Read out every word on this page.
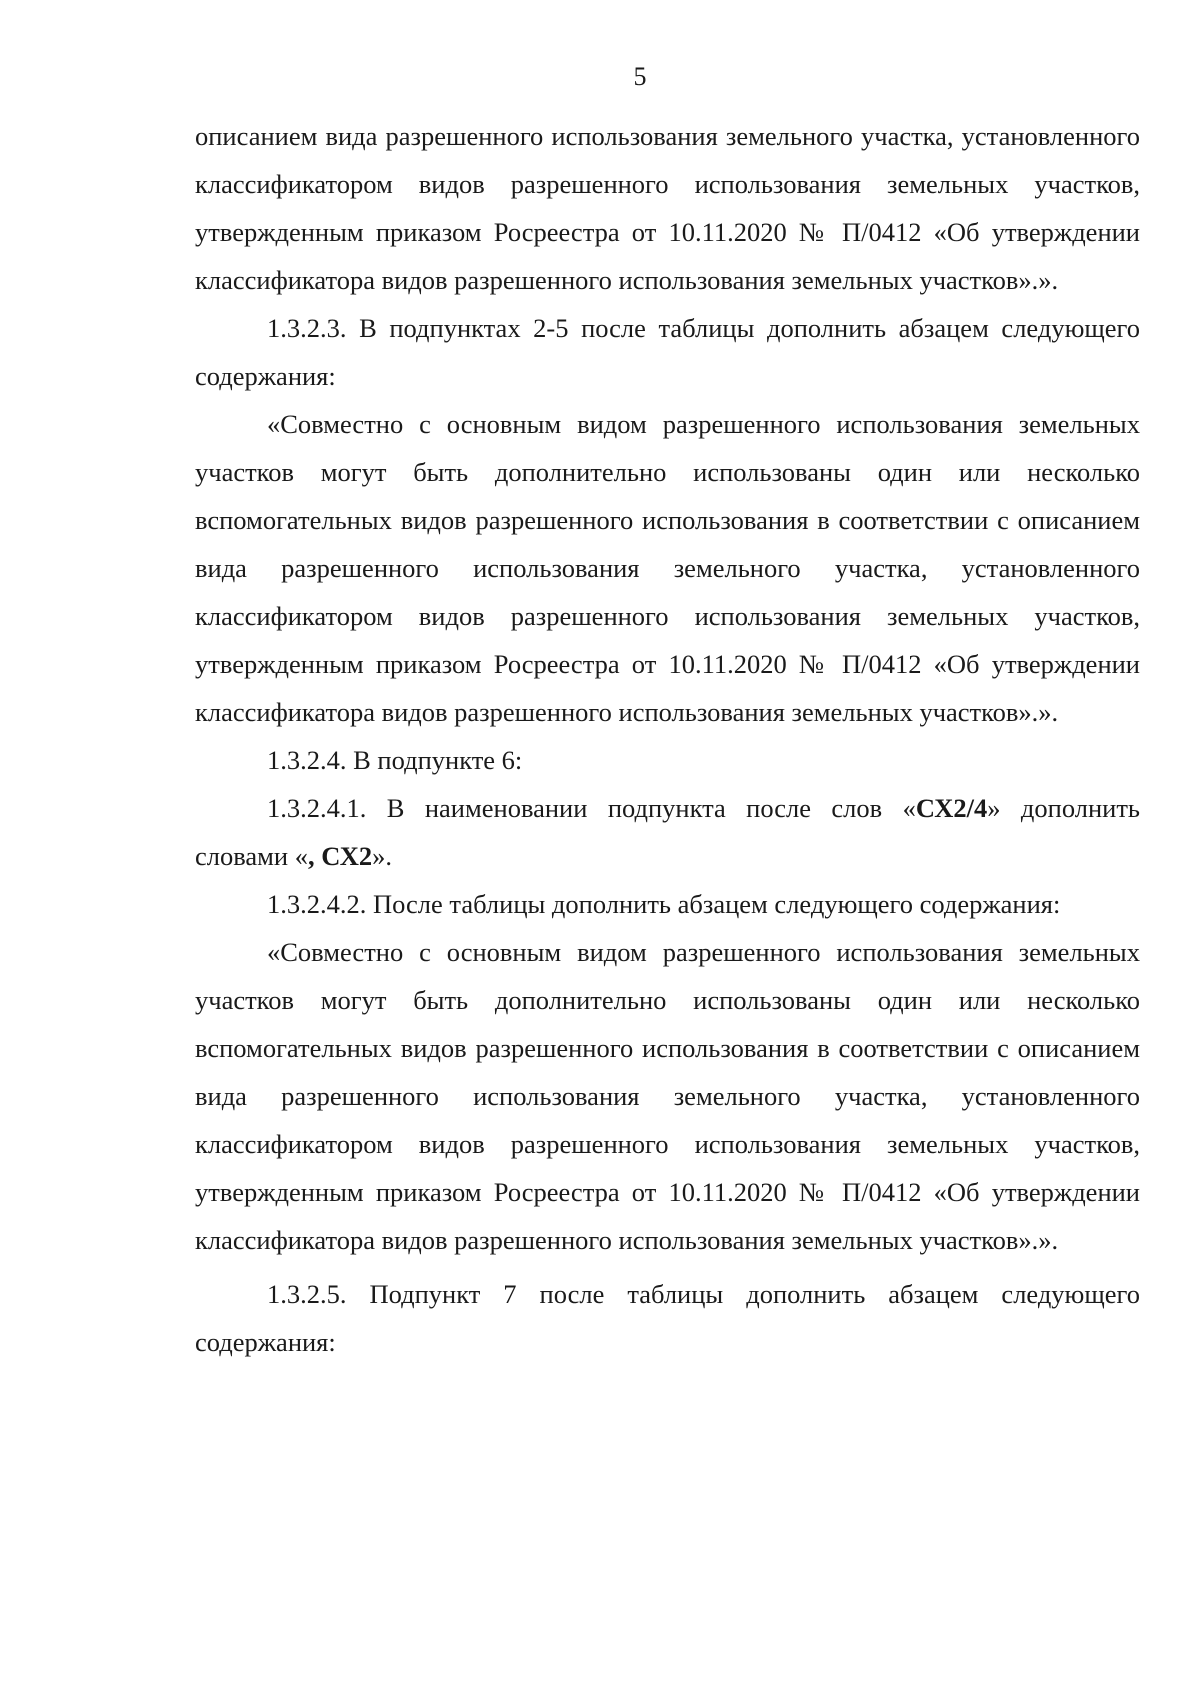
5

описанием вида разрешенного использования земельного участка, установленного классификатором видов разрешенного использования земельных участков, утвержденным приказом Росреестра от 10.11.2020 № П/0412 «Об утверждении классификатора видов разрешенного использования земельных участков».».

1.3.2.3. В подпунктах 2-5 после таблицы дополнить абзацем следующего содержания:

«Совместно с основным видом разрешенного использования земельных участков могут быть дополнительно использованы один или несколько вспомогательных видов разрешенного использования в соответствии с описанием вида разрешенного использования земельного участка, установленного классификатором видов разрешенного использования земельных участков, утвержденным приказом Росреестра от 10.11.2020 № П/0412 «Об утверждении классификатора видов разрешенного использования земельных участков».».

1.3.2.4. В подпункте 6:

1.3.2.4.1. В наименовании подпункта после слов «СХ2/4» дополнить словами «, СХ2».

1.3.2.4.2. После таблицы дополнить абзацем следующего содержания:

«Совместно с основным видом разрешенного использования земельных участков могут быть дополнительно использованы один или несколько вспомогательных видов разрешенного использования в соответствии с описанием вида разрешенного использования земельного участка, установленного классификатором видов разрешенного использования земельных участков, утвержденным приказом Росреестра от 10.11.2020 № П/0412 «Об утверждении классификатора видов разрешенного использования земельных участков».».

1.3.2.5. Подпункт 7 после таблицы дополнить абзацем следующего содержания:
